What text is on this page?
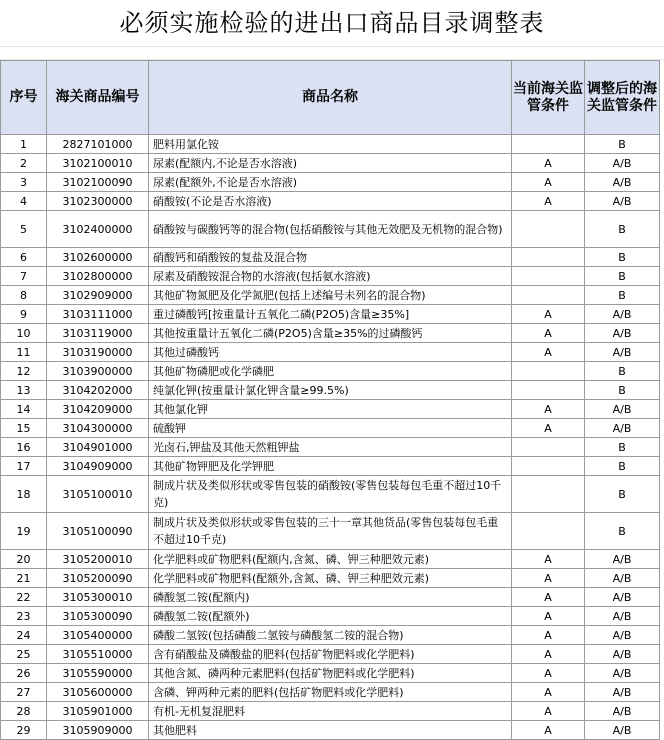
必须实施检验的进出口商品目录调整表
序号	海关商品编号	商品名称	当前海关监管条件	调整后的海关监管条件
1	2827101000	肥料用氯化铵		B
2	3102100010	尿素(配额内,不论是否水溶液)	A	A/B
3	3102100090	尿素(配额外,不论是否水溶液)	A	A/B
4	3102300000	硝酸铵(不论是否水溶液)	A	A/B
5	3102400000	硝酸铵与碳酸钙等的混合物(包括硝酸铵与其他无效肥及无机物的混合物)		B
6	3102600000	硝酸钙和硝酸铵的复盐及混合物		B
7	3102800000	尿素及硝酸铵混合物的水溶液(包括氨水溶液)		B
8	3102909000	其他矿物氮肥及化学氮肥(包括上述编号未列名的混合物)		B
9	3103111000	重过磷酸钙[按重量计五氧化二磷(P2O5)含量≥35%]	A	A/B
10	3103119000	其他按重量计五氧化二磷(P2O5)含量≥35%的过磷酸钙	A	A/B
11	3103190000	其他过磷酸钙	A	A/B
12	3103900000	其他矿物磷肥或化学磷肥		B
13	3104202000	纯氯化钾(按重量计氯化钾含量≥99.5%)		B
14	3104209000	其他氯化钾	A	A/B
15	3104300000	硫酸钾	A	A/B
16	3104901000	光卤石,钾盐及其他天然粗钾盐		B
17	3104909000	其他矿物钾肥及化学钾肥		B
18	3105100010	制成片状及类似形状或零售包装的硝酸铵(零售包装每包毛重不超过10千克)		B
19	3105100090	制成片状及类似形状或零售包装的三十一章其他货品(零售包装每包毛重不超过10千克)		B
20	3105200010	化学肥料或矿物肥料(配额内,含氮、磷、钾三种肥效元素)	A	A/B
21	3105200090	化学肥料或矿物肥料(配额外,含氮、磷、钾三种肥效元素)	A	A/B
22	3105300010	磷酸氢二铵(配额内)	A	A/B
23	3105300090	磷酸氢二铵(配额外)	A	A/B
24	3105400000	磷酸二氢铵(包括磷酸二氢铵与磷酸氢二铵的混合物)	A	A/B
25	3105510000	含有硝酸盐及磷酸盐的肥料(包括矿物肥料或化学肥料)	A	A/B
26	3105590000	其他含氮、磷两种元素肥料(包括矿物肥料或化学肥料)	A	A/B
27	3105600000	含磷、钾两种元素的肥料(包括矿物肥料或化学肥料)	A	A/B
28	3105901000	有机-无机复混肥料	A	A/B
29	3105909000	其他肥料	A	A/B
